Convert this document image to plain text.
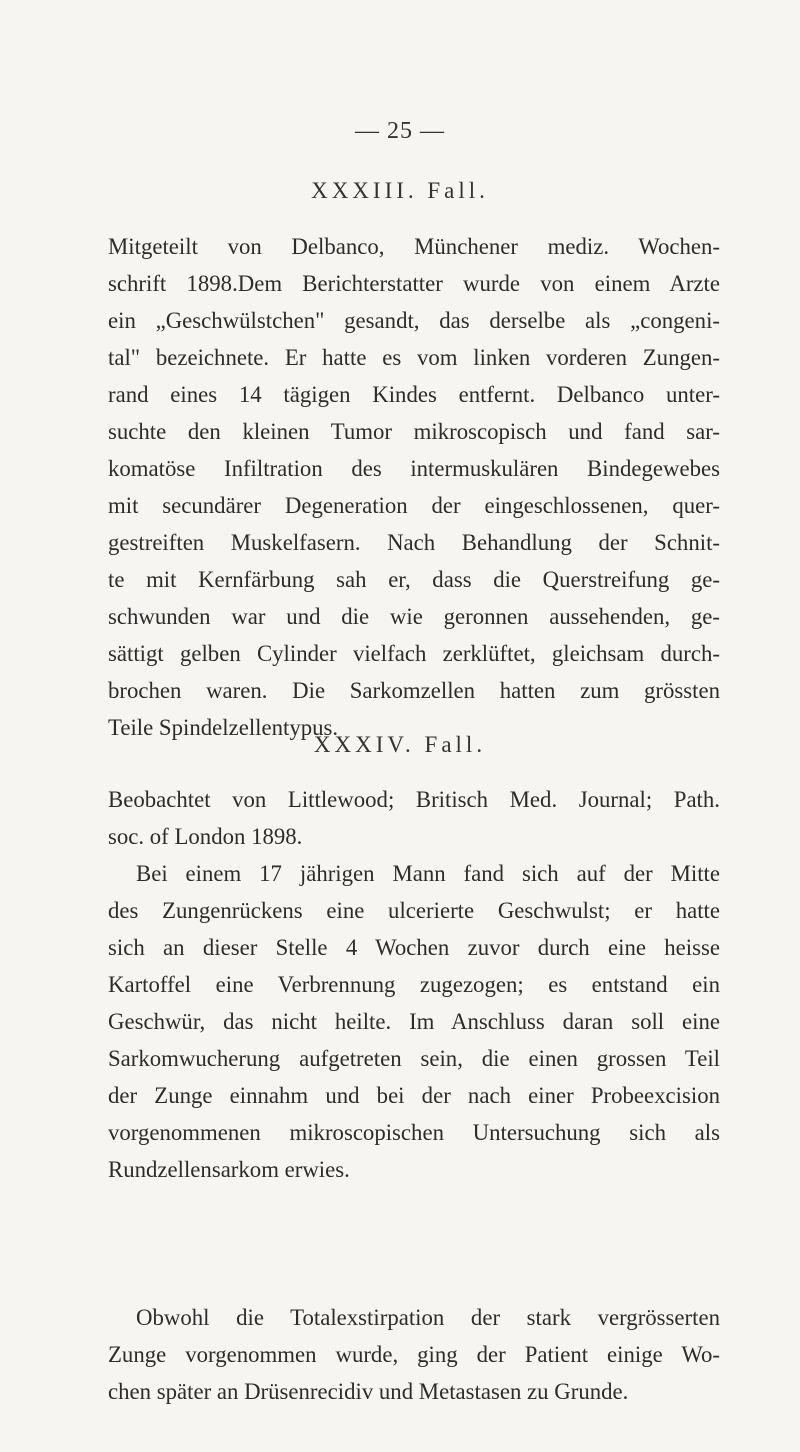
— 25 —
XXXIII. Fall.
Mitgeteilt von Delbanco, Münchener mediz. Wochen-
schrift 1898.Dem Berichterstatter wurde von einem Arzte
ein „Geschwülstchen" gesandt, das derselbe als „congeni-
tal" bezeichnete. Er hatte es vom linken vorderen Zungen-
rand eines 14 tägigen Kindes entfernt. Delbanco unter-
suchte den kleinen Tumor mikroscopisch und fand sar-
komatöse Infiltration des intermuskulären Bindegewebes
mit secundärer Degeneration der eingeschlossenen, quer-
gestreiften Muskelfasern. Nach Behandlung der Schnit-
te mit Kernfärbung sah er, dass die Querstreifung ge-
schwunden war und die wie geronnen aussehenden, ge-
sättigt gelben Cylinder vielfach zerklüftet, gleichsam durch-
brochen waren. Die Sarkomzellen hatten zum grössten
Teile Spindelzellentypus.
XXXIV. Fall.
Beobachtet von Littlewood; Britisch Med. Journal; Path.
soc. of London 1898.
Bei einem 17 jährigen Mann fand sich auf der Mitte
des Zungenrückens eine ulcerierte Geschwulst; er hatte
sich an dieser Stelle 4 Wochen zuvor durch eine heisse
Kartoffel eine Verbrennung zugezogen; es entstand ein
Geschwür, das nicht heilte. Im Anschluss daran soll eine
Sarkomwucherung aufgetreten sein, die einen grossen Teil
der Zunge einnahm und bei der nach einer Probeexcision
vorgenommenen mikroscopischen Untersuchung sich als
Rundzellensarkom erwies.
Obwohl die Totalexstirpation der stark vergrösserten
Zunge vorgenommen wurde, ging der Patient einige Wo-
chen später an Drüsenrecidiv und Metastasen zu Grunde.
